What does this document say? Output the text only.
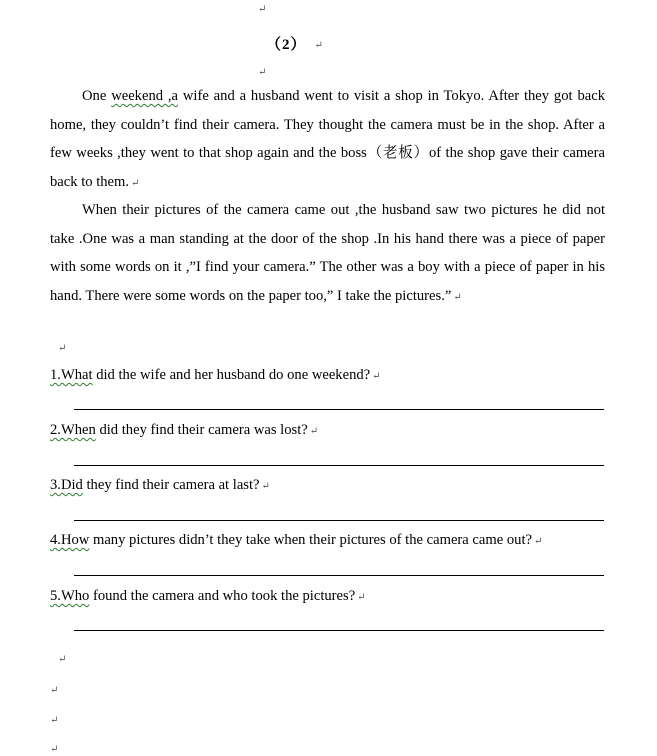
↵
（2） ↵
↵

One weekend ,a wife and a husband went to visit a shop in Tokyo. After they got back home, they couldn’t find their camera. They thought the camera must be in the shop. After a few weeks ,they went to that shop again and the boss（老板）of the shop gave their camera back to them. ↵

When their pictures of the camera came out ,the husband saw two pictures he did not take .One was a man standing at the door of the shop .In his hand there was a piece of paper with some words on it ,”I find your camera.” The other was a boy with a piece of paper in his hand. There were some words on the paper too,” I take the pictures.” ↵

↵
1.What did the wife and her husband do one weekend? ↵
2.When did they find their camera was lost? ↵
3.Did they find their camera at last? ↵
4.How many pictures didn’t they take when their pictures of the camera came out? ↵
5.Who found the camera and who took the pictures? ↵
↵
↵
↵
↵
